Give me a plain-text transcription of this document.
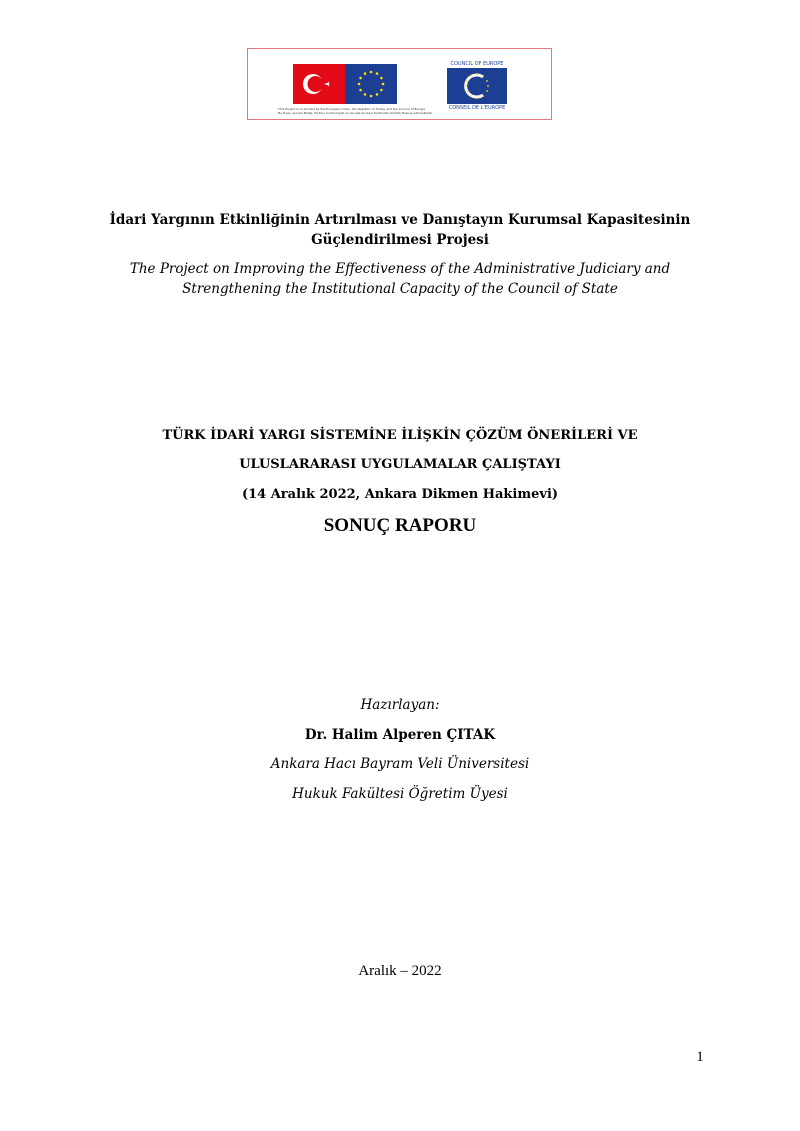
This Project is co-funded by the European Union, the Republic of Turkey and the Council of Europe
Bu Proje, Avrupa Birliği, Türkiye Cumhuriyeti ve Avrupa Konseyi tarafından birlikte finanse edilmektedir
COUNCIL OF EUROPE
CONSEIL DE L'EUROPE
İdari Yargının Etkinliğinin Artırılması ve Danıştayın Kurumsal Kapasitesinin
Güçlendirilmesi Projesi
The Project on Improving the Effectiveness of the Administrative Judiciary and
Strengthening the Institutional Capacity of the Council of State
TÜRK İDARİ YARGI SİSTEMİNE İLİŞKİN ÇÖZÜM ÖNERİLERİ VE
ULUSLARARASI UYGULAMALAR ÇALIŞTAYI
(14 Aralık 2022, Ankara Dikmen Hakimevi)
SONUÇ RAPORU
Hazırlayan:
Dr. Halim Alperen ÇITAK
Ankara Hacı Bayram Veli Üniversitesi
Hukuk Fakültesi Öğretim Üyesi
Aralık – 2022
1
